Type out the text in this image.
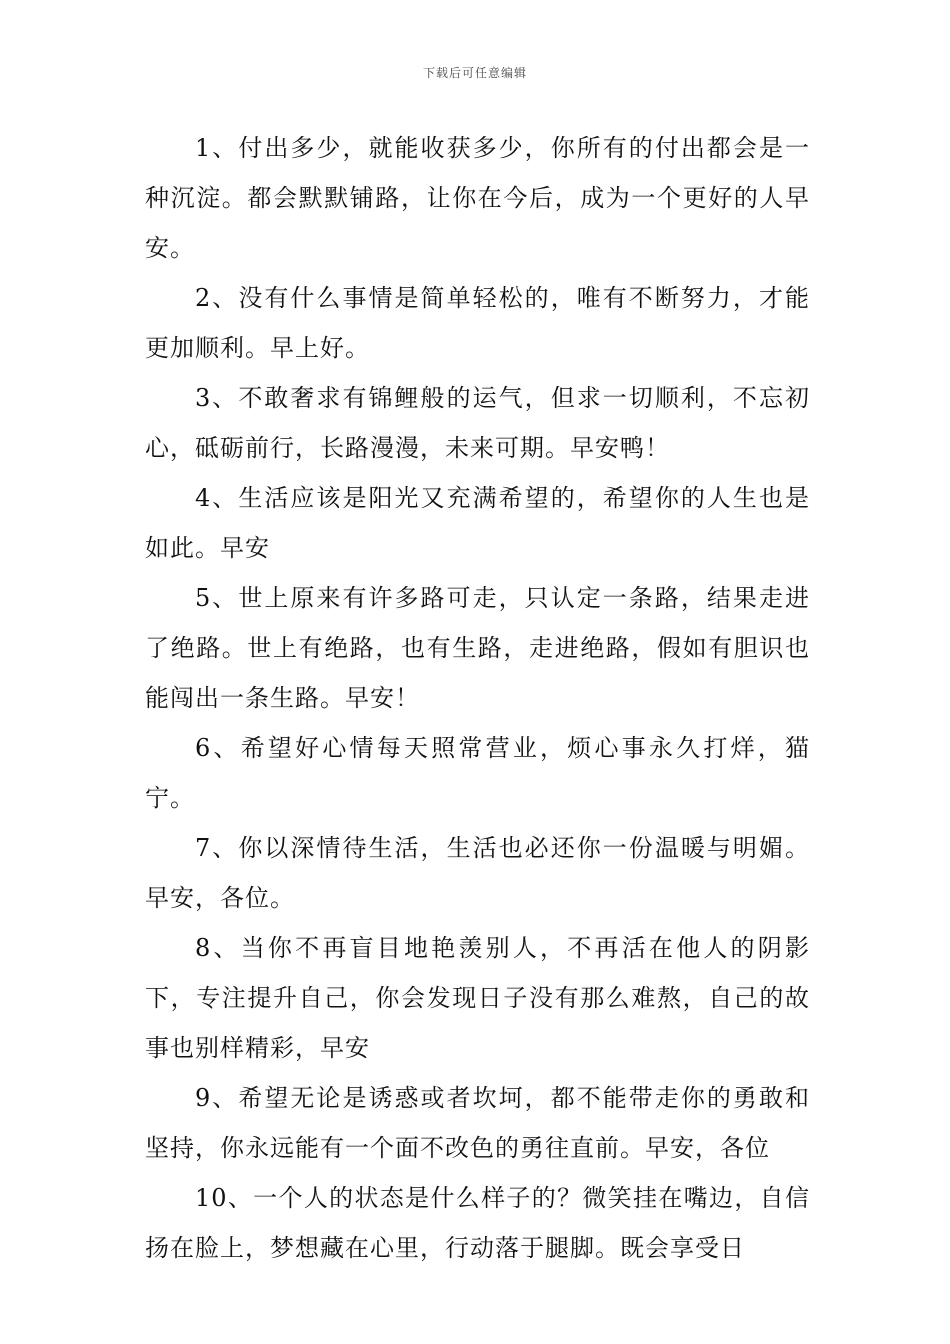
下载后可任意编辑

1、付出多少，就能收获多少，你所有的付出都会是一种沉淀。都会默默铺路，让你在今后，成为一个更好的人早安。

2、没有什么事情是简单轻松的，唯有不断努力，才能更加顺利。早上好。

3、不敢奢求有锦鲤般的运气，但求一切顺利，不忘初心，砥砺前行，长路漫漫，未来可期。早安鸭！

4、生活应该是阳光又充满希望的，希望你的人生也是如此。早安

5、世上原来有许多路可走，只认定一条路，结果走进了绝路。世上有绝路，也有生路，走进绝路，假如有胆识也能闯出一条生路。早安！

6、希望好心情每天照常营业，烦心事永久打烊，猫宁。

7、你以深情待生活，生活也必还你一份温暖与明媚。早安，各位。

8、当你不再盲目地艳羡别人，不再活在他人的阴影下，专注提升自己，你会发现日子没有那么难熬，自己的故事也别样精彩，早安

9、希望无论是诱惑或者坎坷，都不能带走你的勇敢和坚持，你永远能有一个面不改色的勇往直前。早安，各位

10、一个人的状态是什么样子的？微笑挂在嘴边，自信扬在脸上，梦想藏在心里，行动落于腿脚。既会享受日
